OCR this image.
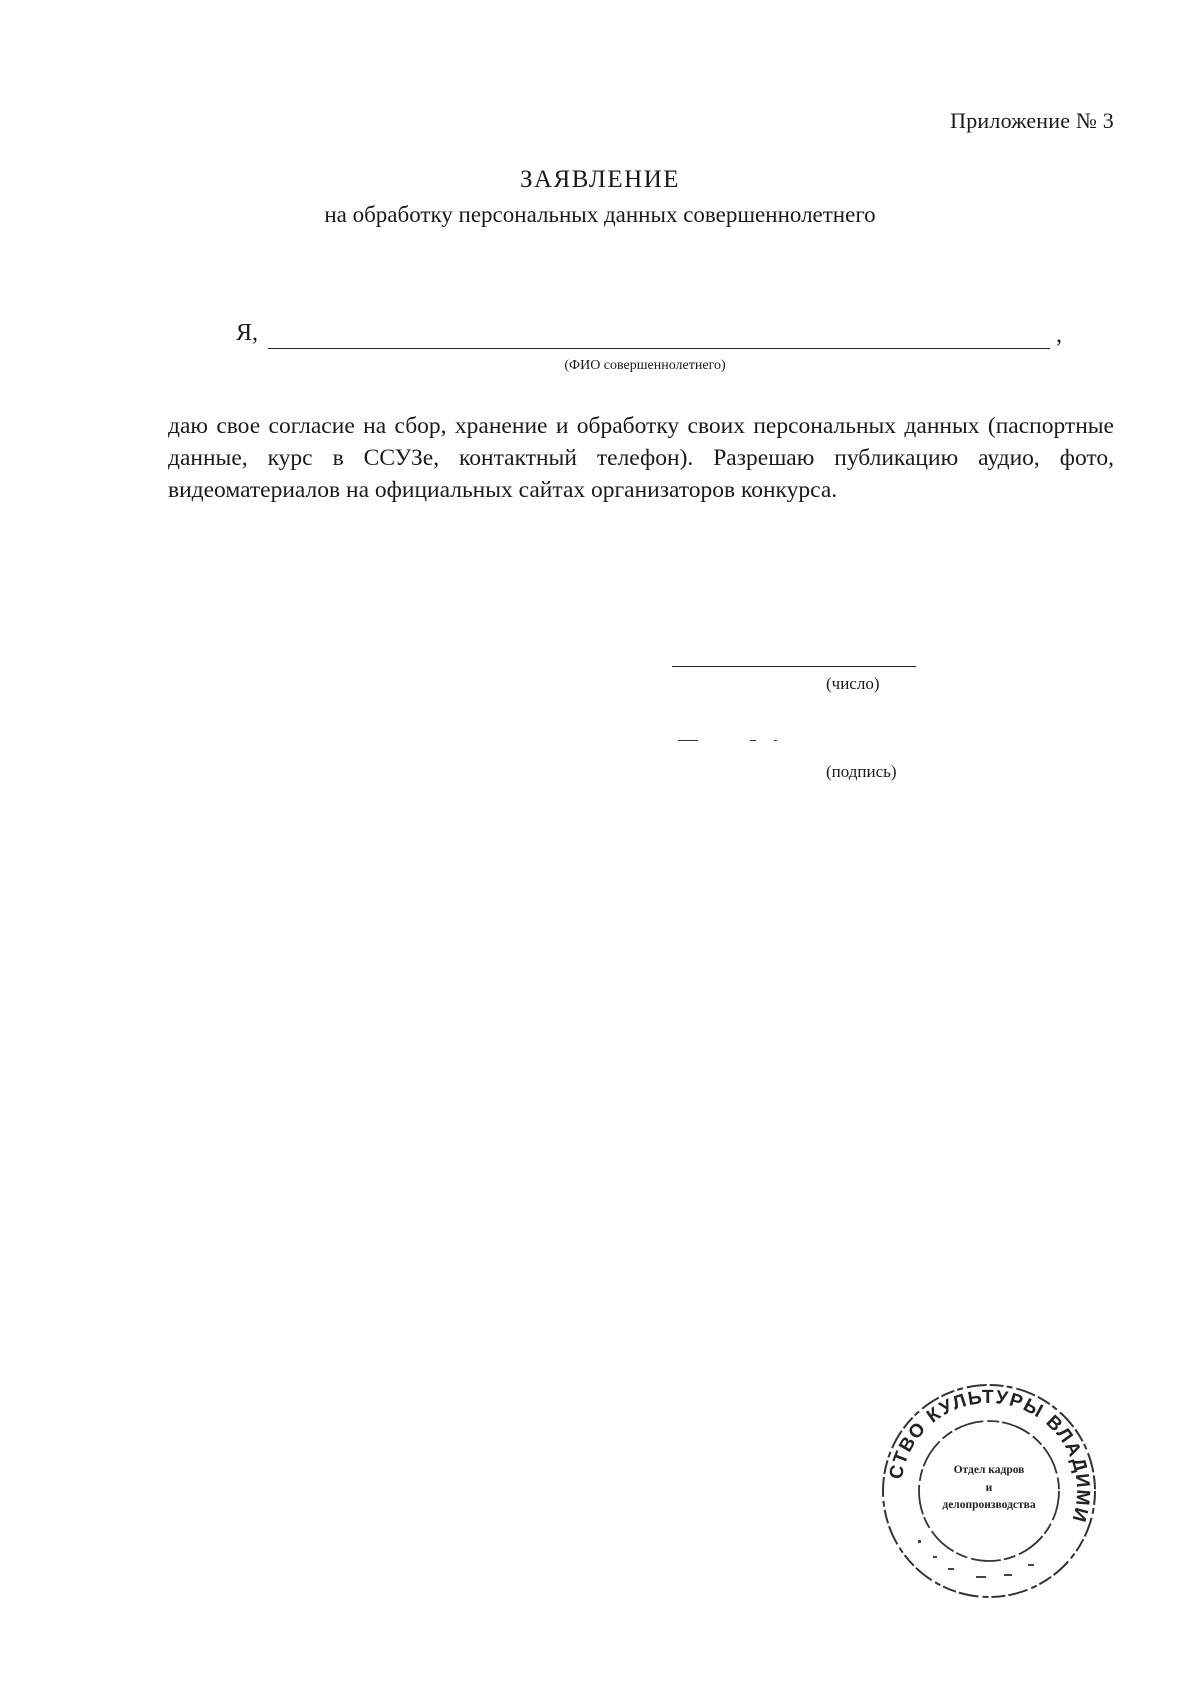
Приложение № 3
ЗАЯВЛЕНИЕ
на обработку персональных данных совершеннолетнего
Я,	,
(ФИО совершеннолетнего)
даю свое согласие на сбор, хранение и обработку своих персональных данных (паспортные данные, курс в ССУЗе, контактный телефон). Разрешаю публикацию аудио, фото, видеоматериалов на официальных сайтах организаторов конкурса.
(число)
(подпись)
СТВО КУЛЬТУРЫ ВЛАДИМИ
Отдел кадров
и
делопроизводства
